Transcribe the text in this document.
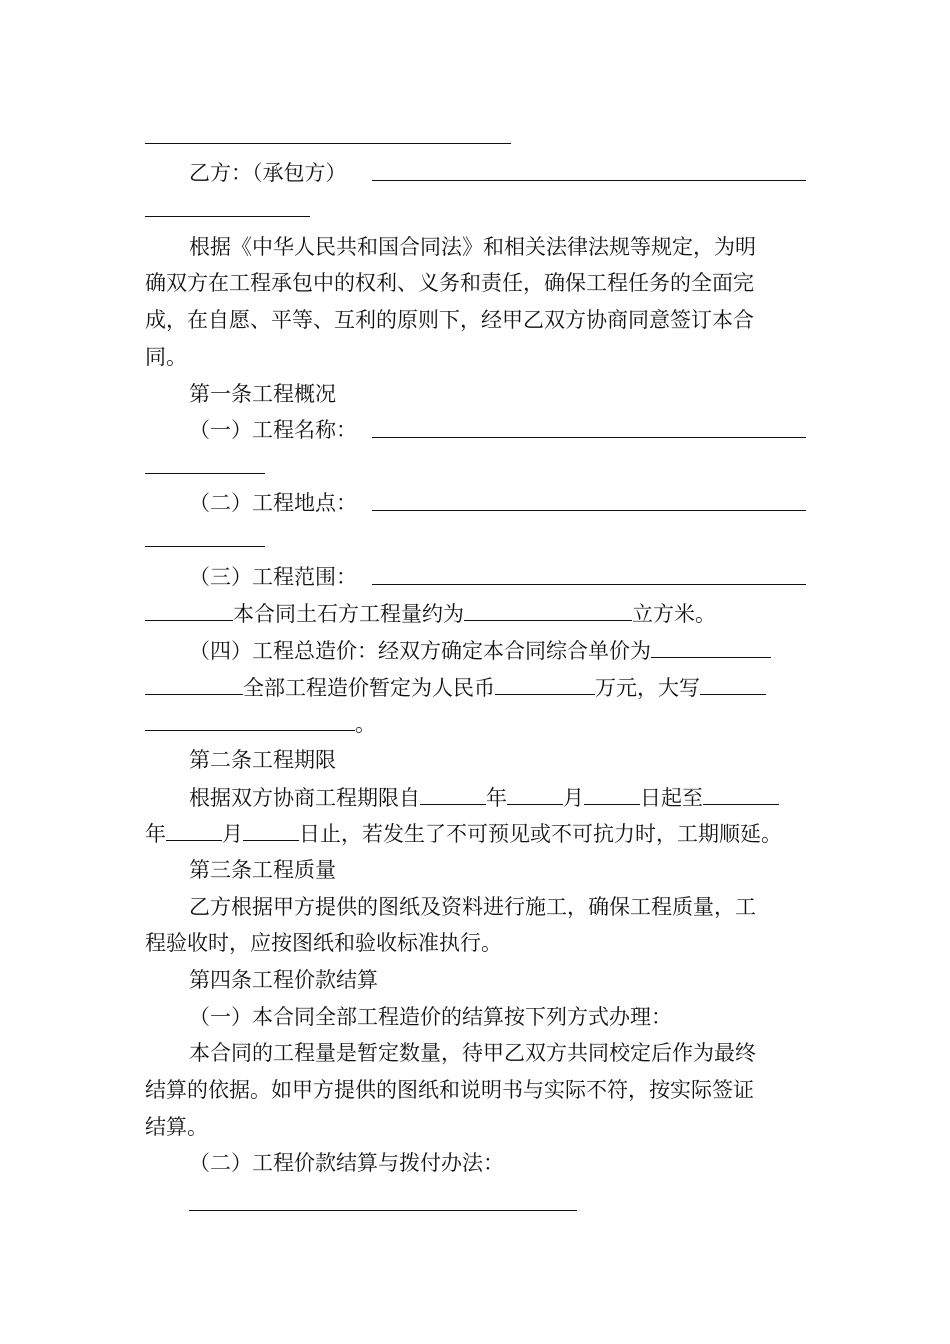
乙方：（承包方）
根据《中华人民共和国合同法》和相关法律法规等规定，为明
确双方在工程承包中的权利、义务和责任，确保工程任务的全面完
成，在自愿、平等、互利的原则下，经甲乙双方协商同意签订本合
同。
第一条工程概况
（一）工程名称：
（二）工程地点：
（三）工程范围：
本合同土石方工程量约为	立方米。
（四）工程总造价：经双方确定本合同综合单价为
全部工程造价暂定为人民币	万元，大写
。
第二条工程期限
根据双方协商工程期限自	年	月	日起至
年	月	日止，若发生了不可预见或不可抗力时，工期顺延。
第三条工程质量
乙方根据甲方提供的图纸及资料进行施工，确保工程质量，工
程验收时，应按图纸和验收标准执行。
第四条工程价款结算
（一）本合同全部工程造价的结算按下列方式办理：
本合同的工程量是暂定数量，待甲乙双方共同校定后作为最终
结算的依据。如甲方提供的图纸和说明书与实际不符，按实际签证
结算。
（二）工程价款结算与拨付办法：
